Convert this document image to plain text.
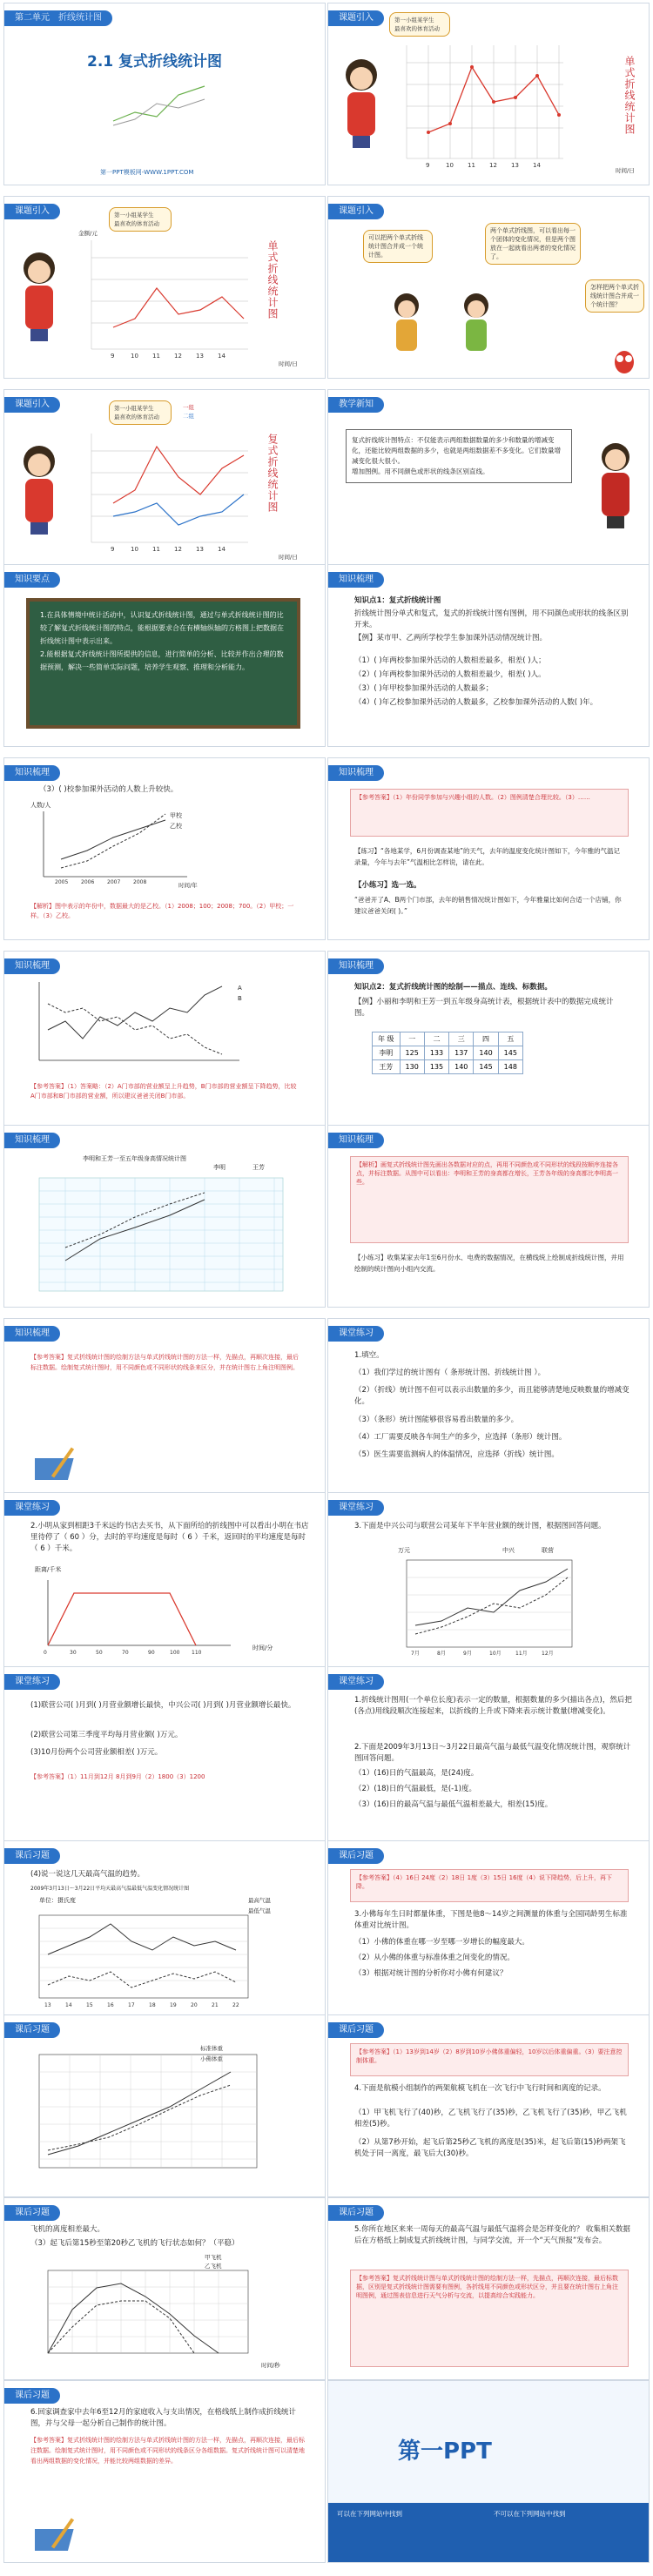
第二单元 折线统计图
2.1 复式折线统计图
第一PPT模板网-WWW.1PPT.COM
课题引入	第一小组某学生
最喜欢的体育活动
9	10 11 12 13 14
单式折线统计图
时间/日
课题引入	第一小组某学生
最喜欢的体育活动
金额/元
9	10 11 12 13 14
单式折线统计图
时间/日
课题引入
可以把两个单式折线统计图合并成一个统计图。
两个单式折线图，可以看出每一个团体的变化情况，但是两个图放在一起就看出两者的变化情况了。
怎样把两个单式折线统计图合并成一个统计图？
课题引入	第一小组某学生
最喜欢的体育活动
一组
二组
9	10 11 12 13 14
复式折线统计图
时间/日
教学新知
复式折线统计图特点：不仅能表示两组数据数量的多少和数量的增减变化，还能比较两组数据的多少，也就是两组数据差不多变化。它们数量增减变化很大很小。
增加图例。用不同颜色或形状的线条区别直线。
知识要点
1.在具体情境中统计活动中，认识复式折线统计图，通过与单式折线统计图的比较了解复式折线统计图的特点，能根据要求合在有横轴纵轴的方格图上把数据在折线统计图中表示出来。
2.能根据复式折线统计图所提供的信息，进行简单的分析、比较并作出合理的数据预测，解决一些简单实际问题，培养学生观察、推理和分析能力。
知识梳理
知识点1：复式折线统计图
折线统计图分单式和复式，复式的折线统计图有图例，用不同颜色或形状的线条区别开来。
【例】某市甲、乙两所学校学生参加课外活动情况统计图。
（1）( )年两校参加课外活动的人数相差最多，相差( )人；
（2）( )年两校参加课外活动的人数相差最少，相差( )人。
（3）( )年甲校参加课外活动的人数最多；
（4）( )年乙校参加课外活动的人数最多，乙校参加课外活动的人数( )年。
知识梳理
（3）( )校参加课外活动的人数上升较快。
人数/人
2005 2006 2007 2008
甲校
乙校
时间/年
【解析】图中表示的年份中，数据最大的是乙校。（1）2008；100；2008；700。（2）甲校；一样。（3）乙校。
知识梳理
【参考答案】（1）年份同学参加与兴趣小组的人数。（2）图例清楚合理比较。（3）……
【练习】“各地某学，6月份调查某地”的天气，去年的温度变化统计图如下，今年雅的气温记录量，今年与去年”气温相比怎样说，请在此。
【小练习】选一选。
“爸爸开了A、B两个门市部，去年的销售情况统计图如下，今年雅量比如何合适一个店铺，你建议爸爸关闭( )。”
知识梳理
A
B
【参考答案】（1）答案略：（2）A门市部的营业额呈上升趋势，B门市部的营业额呈下降趋势，比较A门市部和B门市部的营业额，所以建议爸爸关闭B门市部。
知识梳理
知识点2：复式折线统计图的绘制——描点、连线、标数据。
【例】小丽和李明和王芳一到五年级身高统计表，根据统计表中的数据完成统计图。
年 级	一	二	三	四	五
李明	125	133	137	140	145
王芳	130	135	140	145	148
知识梳理
李明和王芳一至五年级身高情况统计图
李明	王芳
知识梳理
【解析】画复式折线统计图先画出各数据对应的点，再用不同颜色或不同形状的线段按顺序连接各点，并标注数据。从图中可以看出：李明和王芳的身高都在增长，王芳各年级的身高都比李明高一些。
【小练习】收集某家去年1至6月份水、电费的数据情况，在横线统上绘制成折线统计图，并用绘制的统计图向小组内交流。
知识梳理
【参考答案】复式折线统计图的绘制方法与单式折线统计图的方法一样，先描点，再顺次连接，最后标注数据。绘制复式统计图时，用不同颜色或不同形状的线条来区分，并在统计图右上角注明图例。
课堂练习
1.填空。
（1）我们学过的统计图有（ 条形统计图、折线统计图 ）。
（2）（折线）统计图不但可以表示出数量的多少，而且能够清楚地反映数量的增减变化。
（3）（条形）统计图能够很容易看出数量的多少。
（4）工厂需要反映各车间生产的多少，应选择（条形）统计图。
（5）医生需要监测病人的体温情况，应选择（折线）统计图。
课堂练习
2.小明从家到相距3千米远的书店去买书，从下面所给的折线图中可以看出小明在书店里待停了（ 60 ）分，去时的平均速度是每时（ 6 ）千米，返回时的平均速度是每时（ 6 ）千米。
距离/千米
0	30	50	70	90	100 110
时间/分
课堂练习
3.下面是中兴公司与联营公司某年下半年营业额的统计图，根据图回答问题。
万元	中兴	联营
7月	8月	9月	10月	11月	12月
课堂练习
(1)联营公司( )月到( )月营业额增长最快，中兴公司( )月到( )月营业额增长最快。
(2)联营公司第三季度平均每月营业额( )万元。
(3)10月份两个公司营业额相差( )万元。
【参考答案】（1）11月到12月 8月到9月（2）1800（3）1200
课堂练习
1.折线统计图用(一个单位长度)表示一定的数量，根据数量的多少(描出各点)，然后把(各点)用线段顺次连接起来，以折线的上升或下降来表示统计数量(增减变化)。
2.下面是2009年3月13日～3月22日最高气温与最低气温变化情况统计图，观察统计图回答问题。
（1）(16)日的气温最高，是(24)度。
（2）(18)日的气温最低，是(-1)度。
（3）(16)日的最高气温与最低气温相差最大，相差(15)度。
课后习题
(4)说一说这几天最高气温的趋势。
2009年3月13日～3月22日平均天最高气温最低气温变化情况统计图
单位：摄氏度	最高气温
最低气温
13	14	15	16	17	18	19	20	21	22
课后习题
【参考答案】（4）16日 24度（2）18日 1度（3）15日 16度（4）说下降趋势，后上升，再下降。
3.小佛每年生日时都量体重，下图是他8～14岁之间测量的体重与全国同龄男生标准体重对比统计图。
（1）小佛的体重在哪一岁至哪一岁增长的幅度最大。
（2）从小佛的体重与标准体重之间变化的情况。
（3）根据对统计图的分析你对小佛有何建议？
课后习题
标准体重
小佛体重
课后习题
【参考答案】（1）13岁到14岁（2）8岁到10岁小佛体重偏轻，10岁以后体重偏重。（3）要注意控制体重。
4.下面是航模小组制作的两架航模飞机在一次飞行中飞行时间和离度的记录。
（1）甲飞机飞行了(40)秒，乙飞机飞行了(35)秒，乙飞机飞行了(35)秒，甲乙飞机相差(5)秒。
（2）从第7秒开始，起飞后第25秒乙飞机的离度是(35)米，起飞后第(15)秒两架飞机处于同一离度，最飞后大(30)秒。
课后习题
飞机的离度相差最大。
（3）起飞后第15秒至第20秒乙飞机的飞行状态如何？（平稳）
甲飞机
乙飞机
时间/秒
课后习题
5.你所在地区来来一周每天的最高气温与最低气温将会是怎样变化的？ 收集相关数据后在方格纸上制成复式折线统计图，与同学交流，开一个“天气预报”发布会。
【参考答案】复式折线统计图与单式折线统计图的绘制方法一样，先描点，再顺次连接，最后标数据，区别是复式折线统计图需要有图例，各折线用不同颜色或形状区分，并且要在统计图右上角注明图例，通过图表信息进行天气分析与交流，以提高综合实践能力。
课后习题
6.回家调查家中去年6至12月的家庭收入与支出情况，在格线纸上制作成折线统计图，并与父母一起分析自己制作的统计图。
【参考答案】复式折线统计图的绘制方法与单式折线统计图的方法一样，先描点，再顺次连接，最后标注数据。绘制复式统计图时，用不同颜色或不同形状的线条区分各组数据。复式折线统计图可以清楚地看出两组数据的变化情况，并能比较两组数据的差异。	第一PPT
可以在下列网站中找到	不可以在下列网站中找到
